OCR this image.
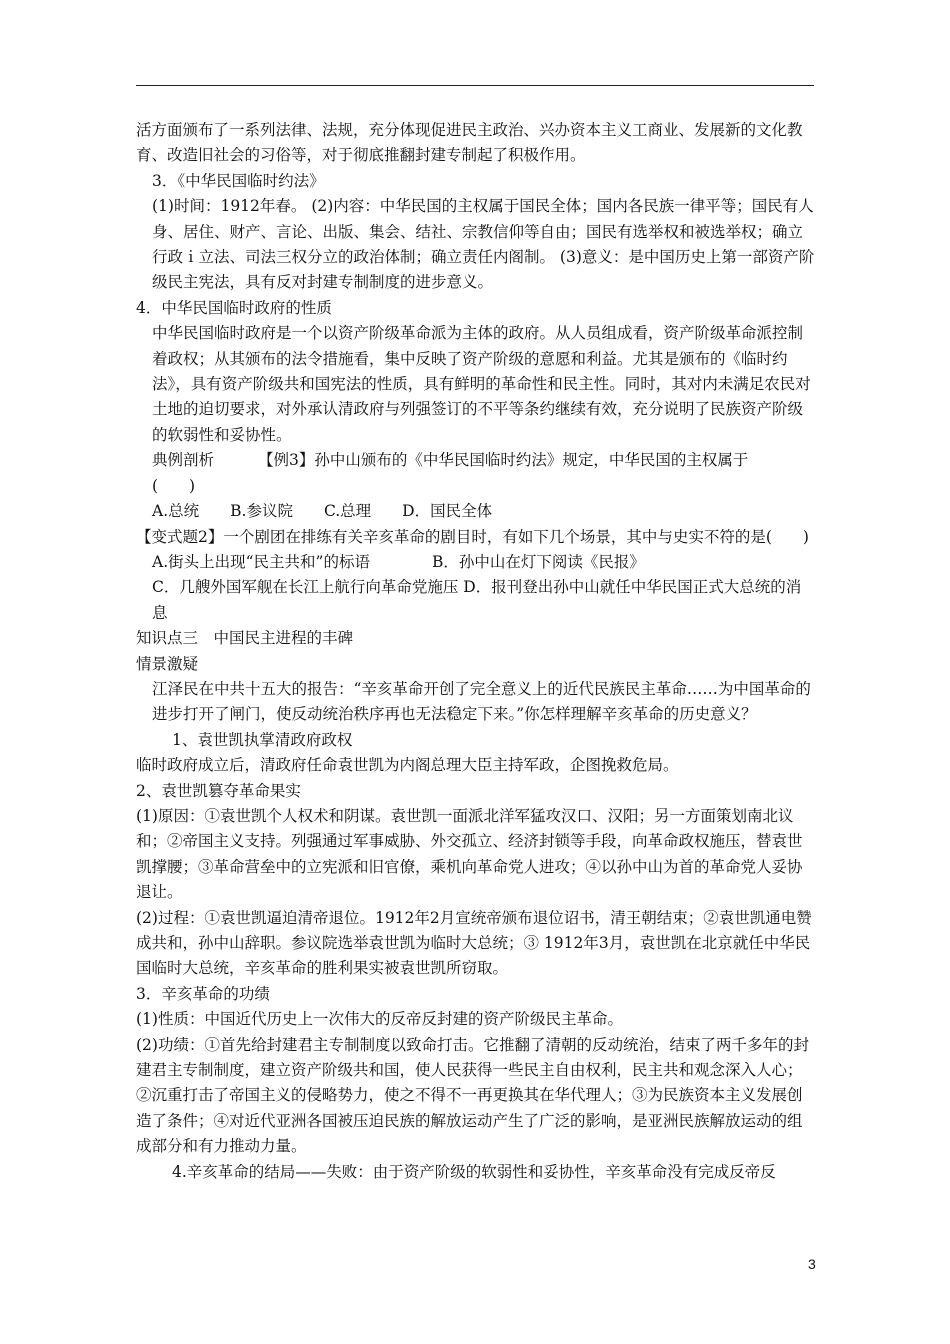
活方面颁布了一系列法律、法规，充分体现促进民主政治、兴办资本主义工商业、发展新的文化教育、改造旧社会的习俗等，对于彻底推翻封建专制起了积极作用。

3．《中华民国临时约法》

(1)时间：1912年春。 (2)内容：中华民国的主权属于国民全体；国内各民族一律平等；国民有人身、居住、财产、言论、出版、集会、结社、宗教信仰等自由；国民有选举权和被选举权；确立行政ｉ立法、司法三权分立的政治体制；确立责任内阁制。 (3)意义：是中国历史上第一部资产阶级民主宪法，具有反对封建专制制度的进步意义。

4．中华民国临时政府的性质

中华民国临时政府是一个以资产阶级革命派为主体的政府。从人员组成看，资产阶级革命派控制着政权；从其颁布的法令措施看，集中反映了资产阶级的意愿和利益。尤其是颁布的《临时约法》，具有资产阶级共和国宪法的性质，具有鲜明的革命性和民主性。同时，其对内未满足农民对土地的迫切要求，对外承认清政府与列强签订的不平等条约继续有效，充分说明了民族资产阶级的软弱性和妥协性。

典例剖析	【例3】孙中山颁布的《中华民国临时约法》规定，中华民国的主权属于　　(　　)

A.总统　　B.参议院　　C.总理　　D．国民全体

【变式题2】一个剧团在排练有关辛亥革命的剧目时，有如下几个场景，其中与史实不符的是(　　)

A.街头上出现“民主共和”的标语　　　　B．孙中山在灯下阅读《民报》

C．几艘外国军舰在长江上航行向革命党施压 D．报刊登出孙中山就任中华民国正式大总统的消息

知识点三　中国民主进程的丰碑

情景激疑

江泽民在中共十五大的报告：“辛亥革命开创了完全意义上的近代民族民主革命……为中国革命的进步打开了闸门，使反动统治秩序再也无法稳定下来。”你怎样理解辛亥革命的历史意义？

1、袁世凯执掌清政府政权

临时政府成立后，清政府任命袁世凯为内阁总理大臣主持军政，企图挽救危局。

2、袁世凯篡夺革命果实

(1)原因：①袁世凯个人权术和阴谋。袁世凯一面派北洋军猛攻汉口、汉阳；另一方面策划南北议和；②帝国主义支持。列强通过军事威胁、外交孤立、经济封锁等手段，向革命政权施压，替袁世凯撑腰；③革命营垒中的立宪派和旧官僚，乘机向革命党人进攻；④以孙中山为首的革命党人妥协退让。

(2)过程：①袁世凯逼迫清帝退位。1912年2月宣统帝颁布退位诏书，清王朝结束；②袁世凯通电赞成共和，孙中山辞职。参议院选举袁世凯为临时大总统；③ 1912年3月，袁世凯在北京就任中华民国临时大总统，辛亥革命的胜利果实被袁世凯所窃取。

3．辛亥革命的功绩

(1)性质：中国近代历史上一次伟大的反帝反封建的资产阶级民主革命。

(2)功绩：①首先给封建君主专制制度以致命打击。它推翻了清朝的反动统治，结束了两千多年的封建君主专制制度，建立资产阶级共和国，使人民获得一些民主自由权利，民主共和观念深入人心；②沉重打击了帝国主义的侵略势力，使之不得不一再更换其在华代理人；③为民族资本主义发展创造了条件；④对近代亚洲各国被压迫民族的解放运动产生了广泛的影响，是亚洲民族解放运动的组成部分和有力推动力量。

4.辛亥革命的结局——失败：由于资产阶级的软弱性和妥协性，辛亥革命没有完成反帝反

3
